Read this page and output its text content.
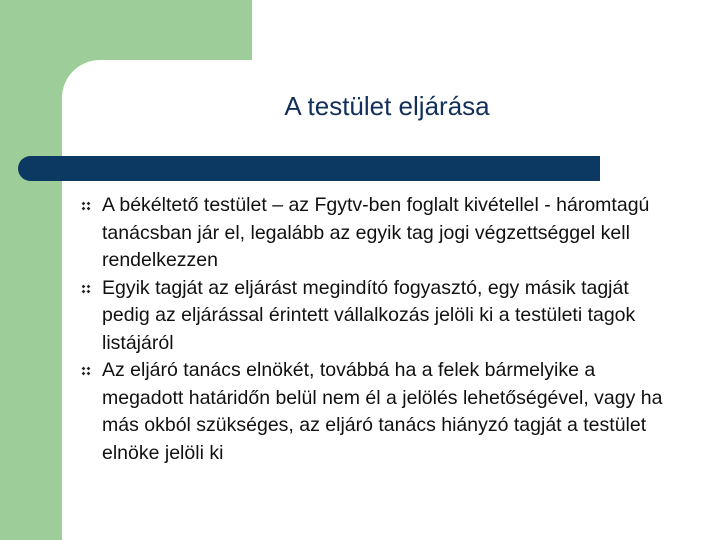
A testület eljárása
A békéltető testület – az Fgytv-ben foglalt kivétellel - háromtagú tanácsban jár el, legalább az egyik tag jogi végzettséggel kell rendelkezzen
Egyik tagját az eljárást megindító fogyasztó, egy másik tagját pedig az eljárással érintett vállalkozás jelöli ki a testületi tagok listájáról
Az eljáró tanács elnökét, továbbá ha a felek bármelyike a megadott határidőn belül nem él a jelölés lehetőségével, vagy ha más okból szükséges, az eljáró tanács hiányzó tagját a testület elnöke jelöli ki
